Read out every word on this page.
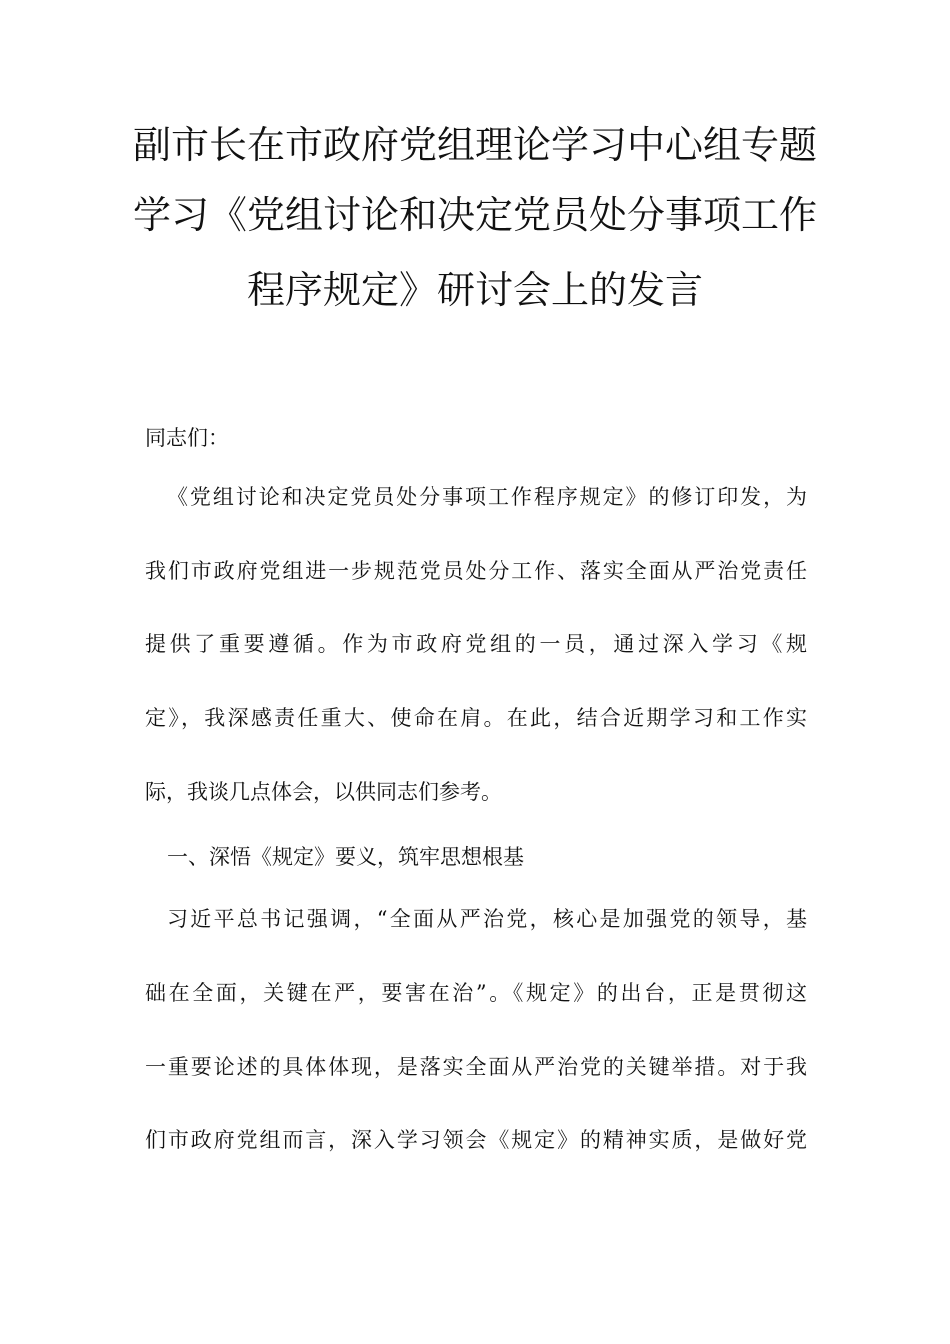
副市长在市政府党组理论学习中心组专题
学习《党组讨论和决定党员处分事项工作
程序规定》研讨会上的发言
同志们：
《党组讨论和决定党员处分事项工作程序规定》的修订印发，为
我们市政府党组进一步规范党员处分工作、落实全面从严治党责任
提供了重要遵循。作为市政府党组的一员，通过深入学习《规
定》，我深感责任重大、使命在肩。在此，结合近期学习和工作实
际，我谈几点体会，以供同志们参考。
一、深悟《规定》要义，筑牢思想根基
习近平总书记强调，“全面从严治党，核心是加强党的领导，基
础在全面，关键在严，要害在治”。《规定》的出台，正是贯彻这
一重要论述的具体体现，是落实全面从严治党的关键举措。对于我
们市政府党组而言，深入学习领会《规定》的精神实质，是做好党
